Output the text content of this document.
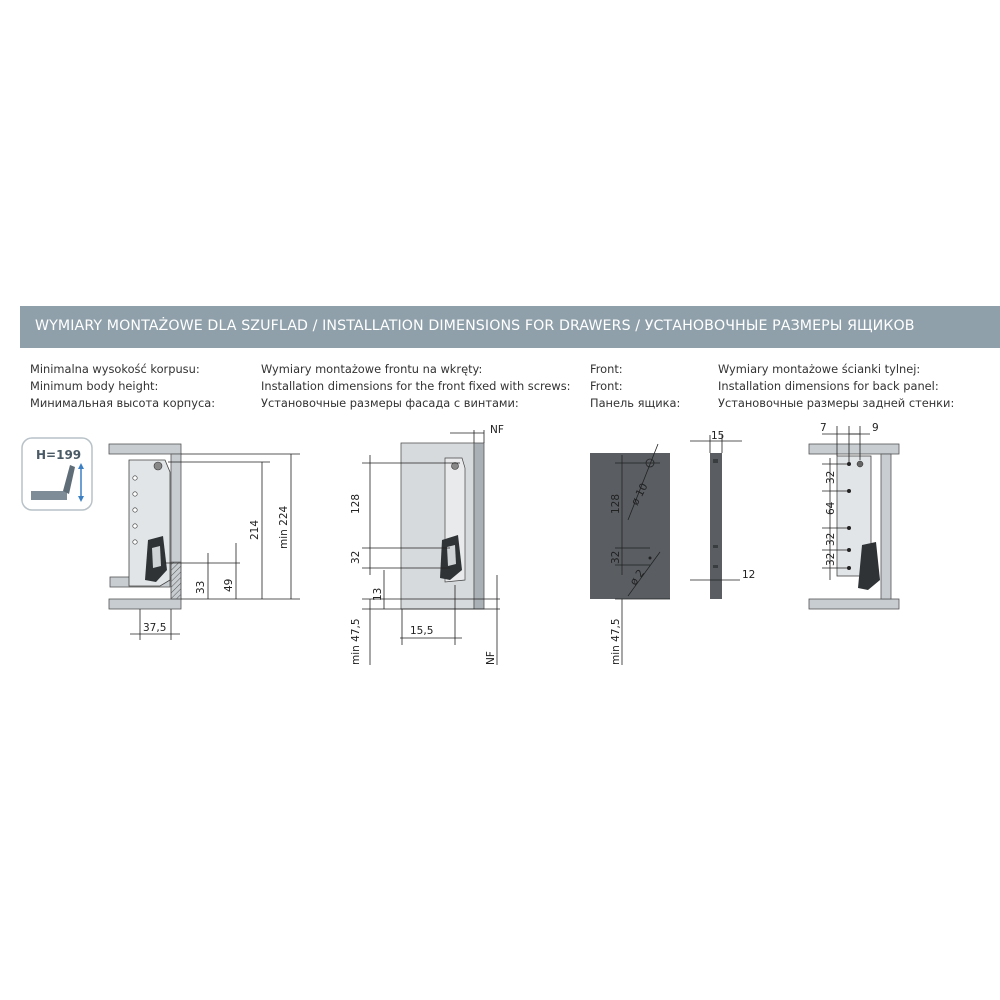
WYMIARY MONTAŻOWE DLA SZUFLAD / INSTALLATION DIMENSIONS FOR DRAWERS / УСТАНОВОЧНЫЕ РАЗМЕРЫ ЯЩИКОВ
Minimalna wysokość korpusu:
Minimum body height:
Минимальная высота корпуса:
Wymiary montażowe frontu na wkręty:
Installation dimensions for the front fixed with screws:
Установочные размеры фасада с винтами:
Front:
Front:
Панель ящика:
Wymiary montażowe ścianki tylnej:
Installation dimensions for back panel:
Установочные размеры задней стенки:
H=199
214 min 224
33 49
37,5
NF
128
32
13
min 47,5	15,5
NF
128 ø 10
32
ø 2
min 47,5
15
12
7	9
32
64
32
32
